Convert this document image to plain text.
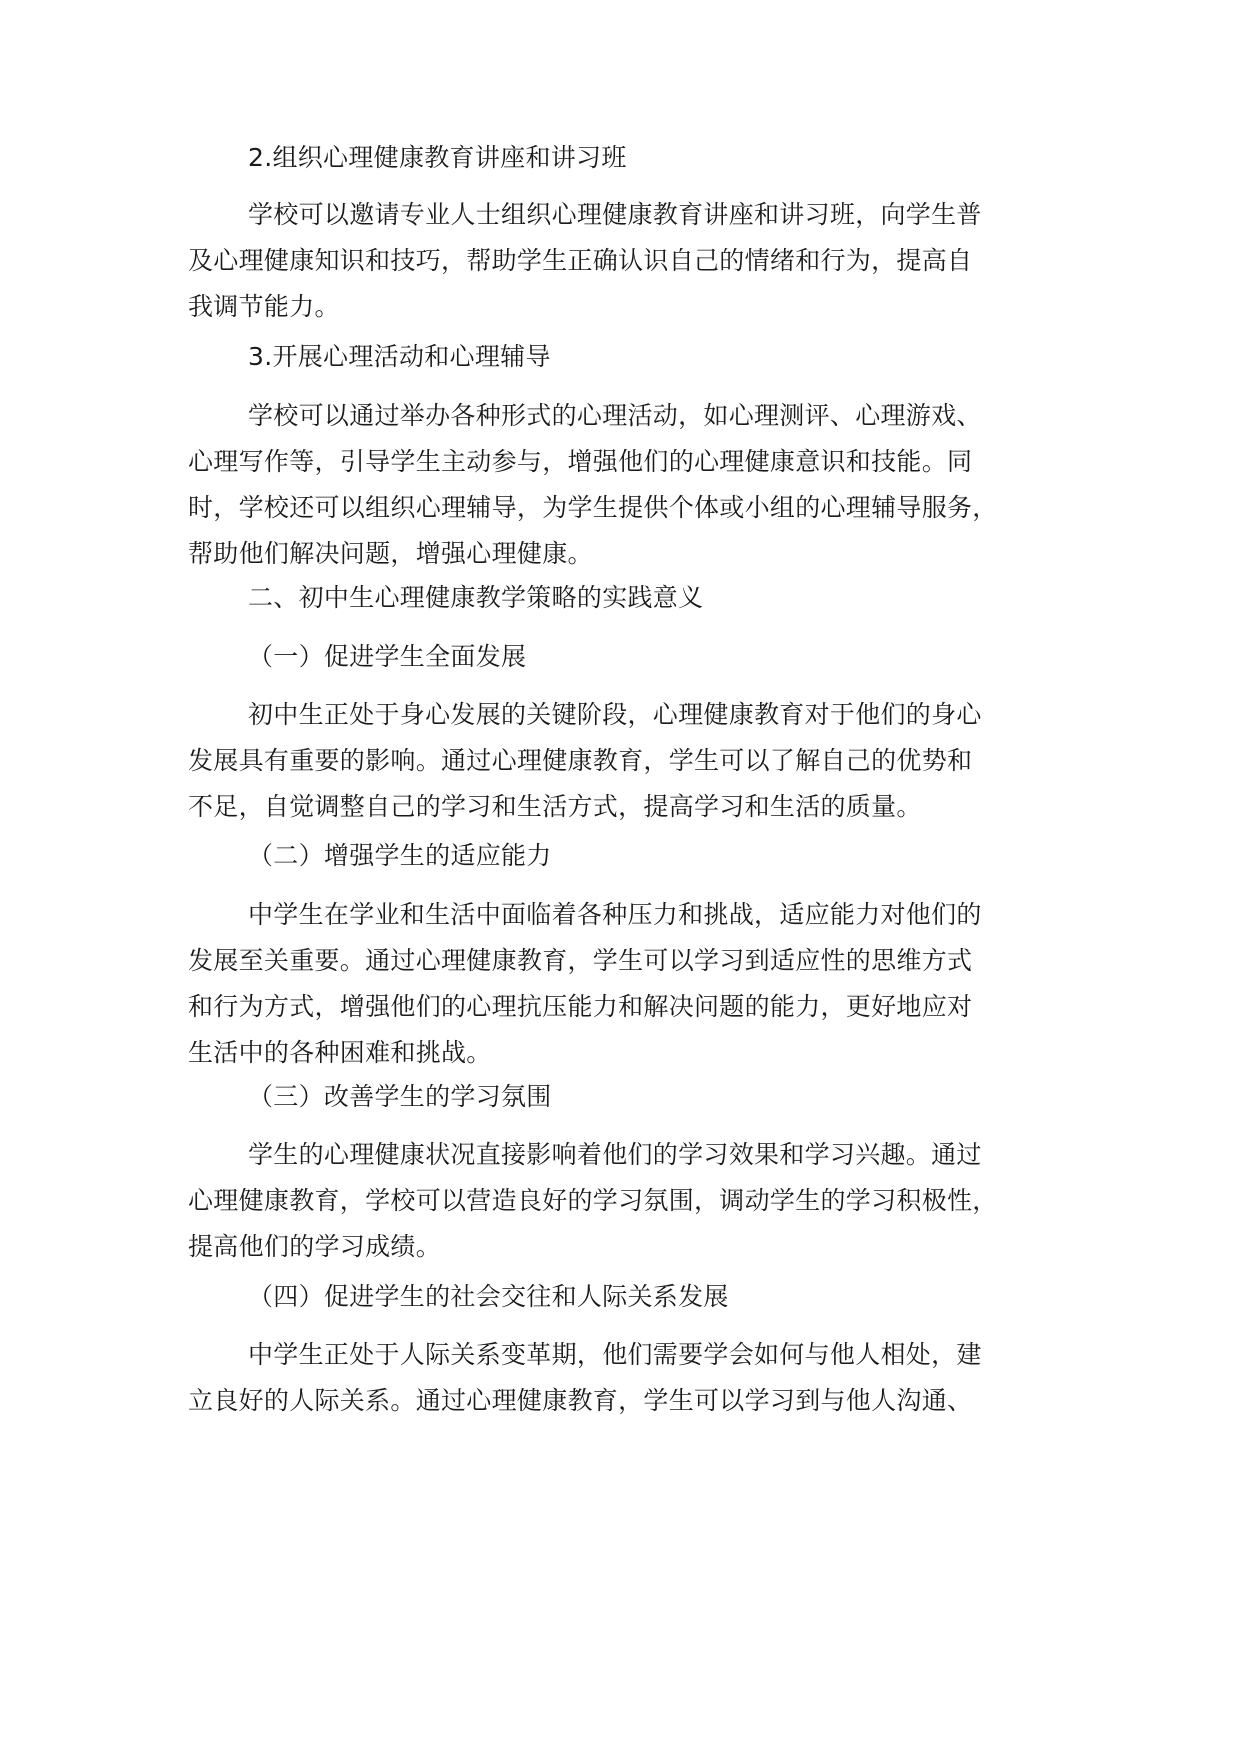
2.组织心理健康教育讲座和讲习班

学校可以邀请专业人士组织心理健康教育讲座和讲习班，向学生普
及心理健康知识和技巧，帮助学生正确认识自己的情绪和行为，提高自
我调节能力。

3.开展心理活动和心理辅导

学校可以通过举办各种形式的心理活动，如心理测评、心理游戏、
心理写作等，引导学生主动参与，增强他们的心理健康意识和技能。同
时，学校还可以组织心理辅导，为学生提供个体或小组的心理辅导服务，
帮助他们解决问题，增强心理健康。

二、初中生心理健康教学策略的实践意义

（一）促进学生全面发展

初中生正处于身心发展的关键阶段，心理健康教育对于他们的身心
发展具有重要的影响。通过心理健康教育，学生可以了解自己的优势和
不足，自觉调整自己的学习和生活方式，提高学习和生活的质量。

（二）增强学生的适应能力

中学生在学业和生活中面临着各种压力和挑战，适应能力对他们的
发展至关重要。通过心理健康教育，学生可以学习到适应性的思维方式
和行为方式，增强他们的心理抗压能力和解决问题的能力，更好地应对
生活中的各种困难和挑战。

（三）改善学生的学习氛围

学生的心理健康状况直接影响着他们的学习效果和学习兴趣。通过
心理健康教育，学校可以营造良好的学习氛围，调动学生的学习积极性，
提高他们的学习成绩。

（四）促进学生的社会交往和人际关系发展

中学生正处于人际关系变革期，他们需要学会如何与他人相处，建
立良好的人际关系。通过心理健康教育，学生可以学习到与他人沟通、
